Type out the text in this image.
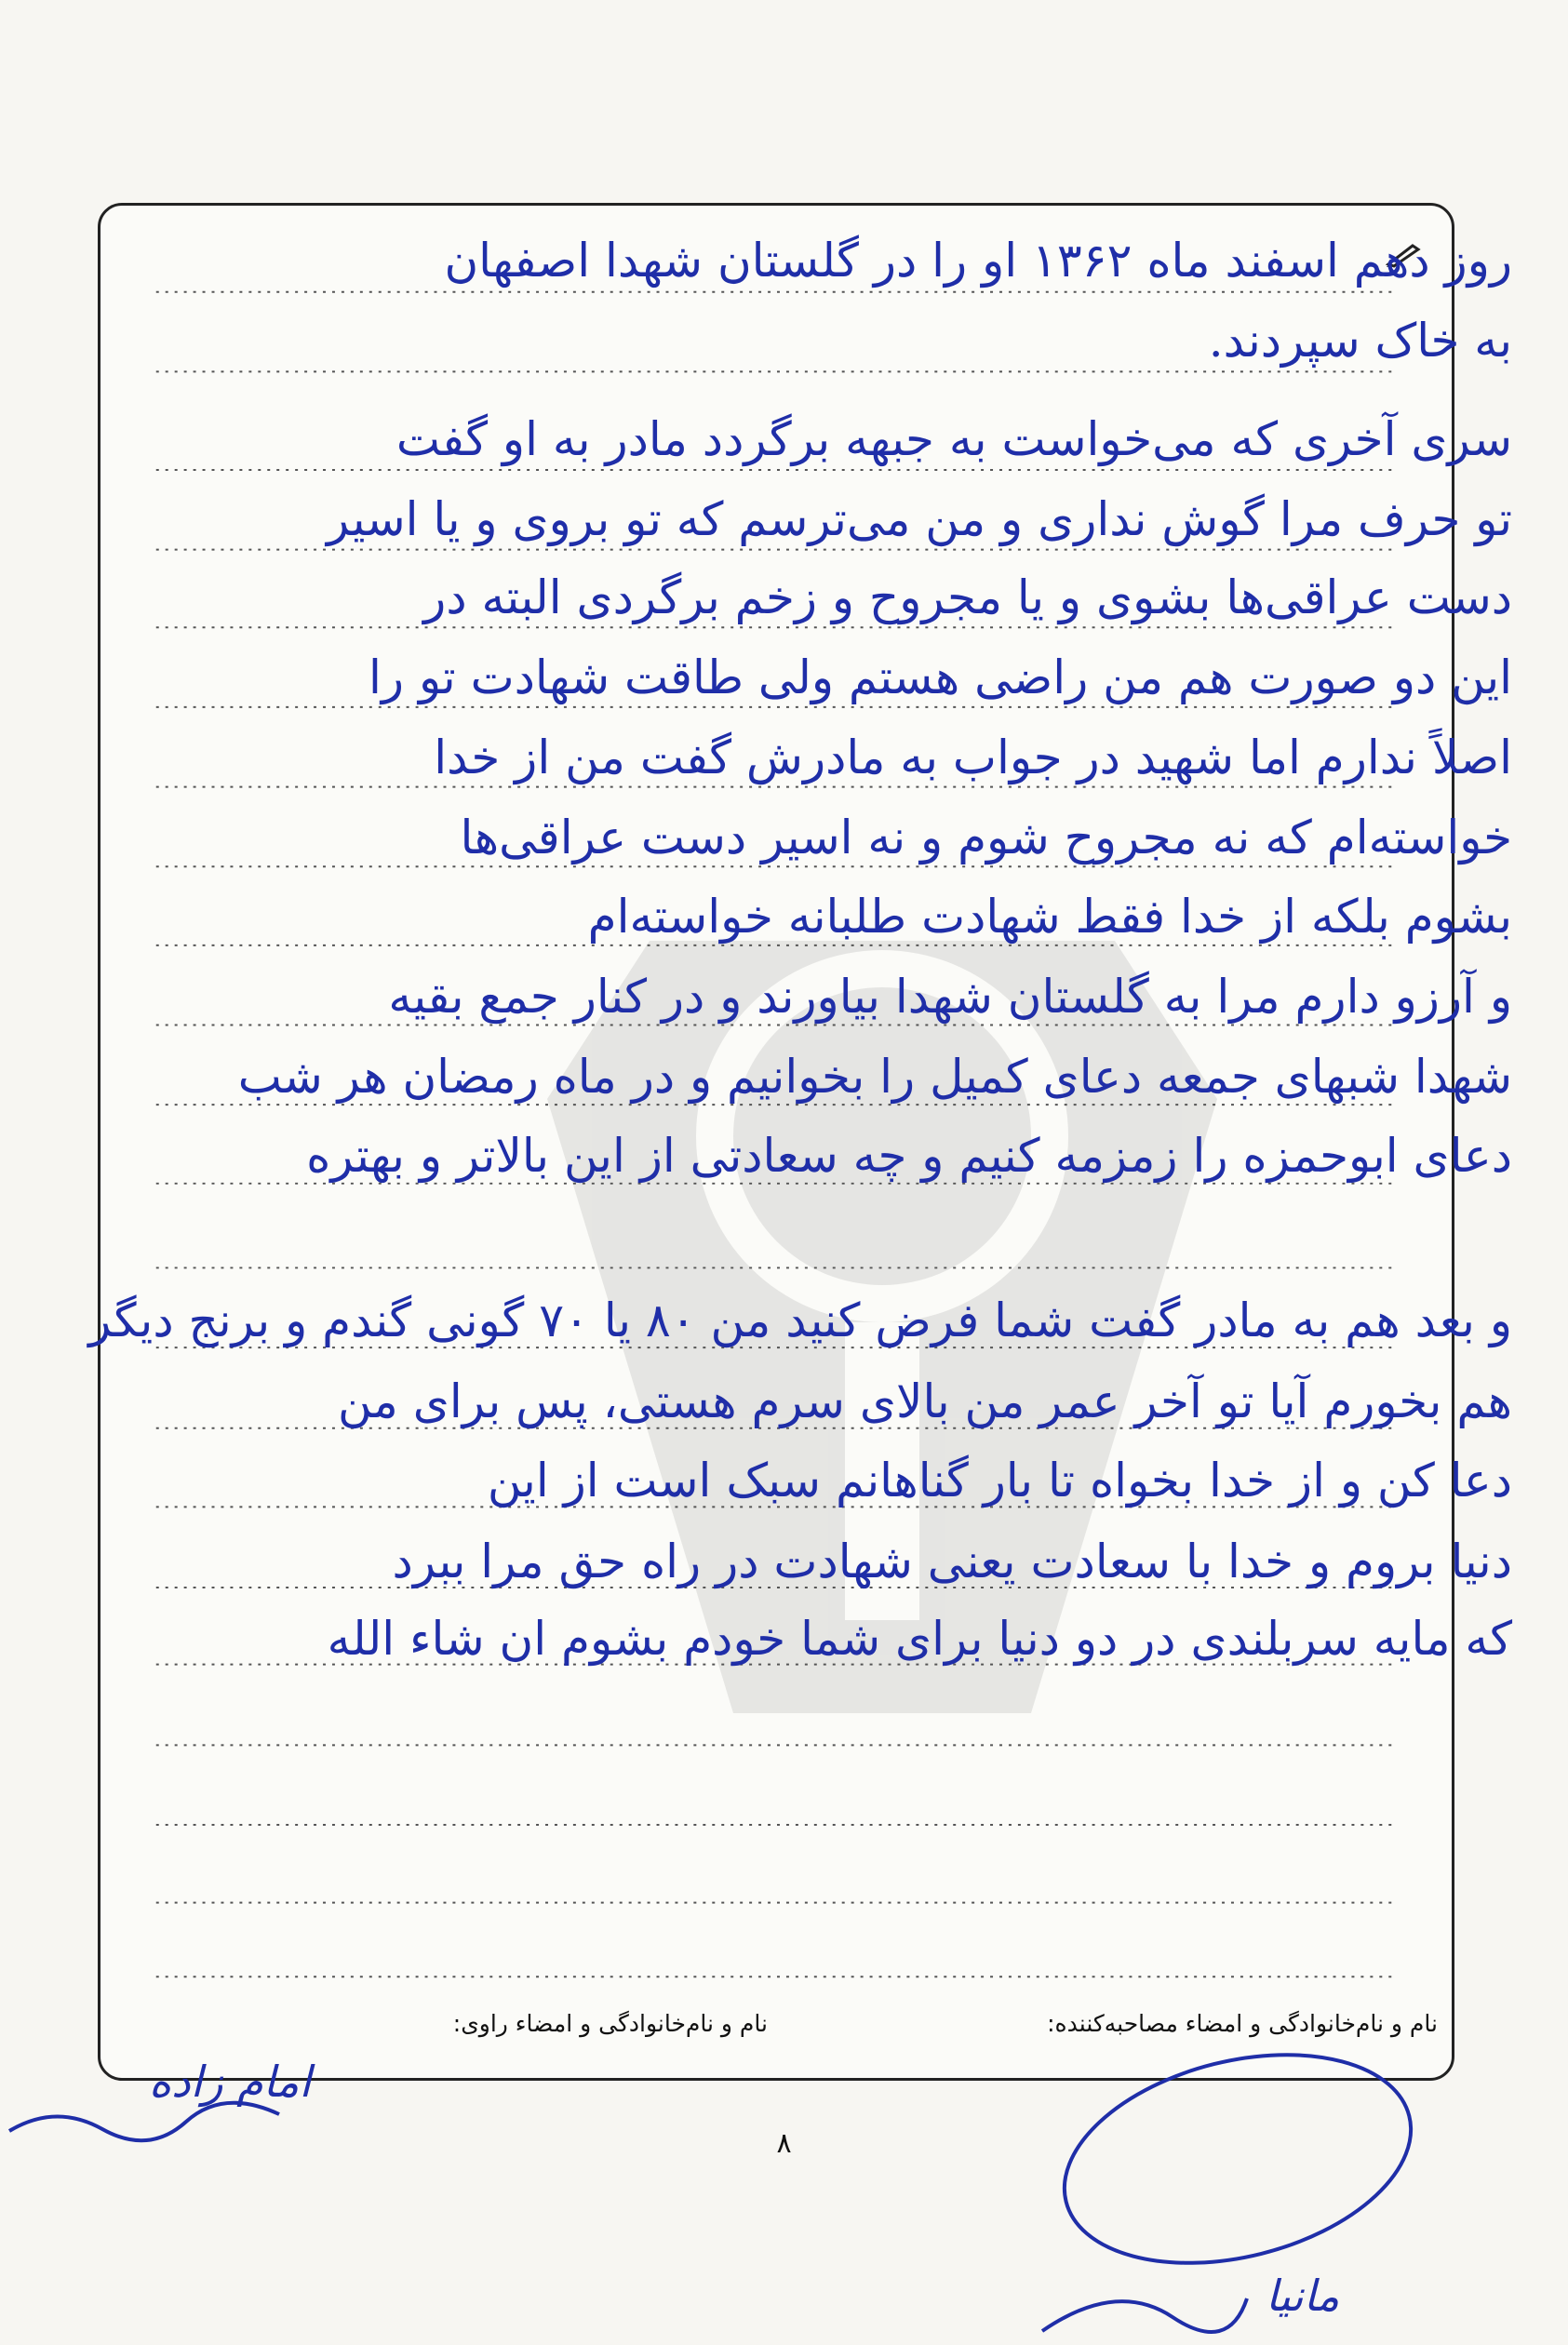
روز دهم اسفند ماه ۱۳۶۲ او را در گلستان شهدا اصفهان
به خاک سپردند.
سری آخری که می‌خواست به جبهه برگردد مادر به او گفت
تو حرف مرا گوش نداری و من می‌ترسم که تو بروی و یا اسیر
دست عراقی‌ها بشوی و یا مجروح و زخم برگردی البته در
این دو صورت هم من راضی هستم ولی طاقت شهادت تو را
اصلاً ندارم اما شهید در جواب به مادرش گفت من از خدا
خواسته‌ام که نه مجروح شوم و نه اسیر دست عراقی‌ها
بشوم بلکه از خدا فقط شهادت طلبانه خواسته‌ام
و آرزو دارم مرا به گلستان شهدا بیاورند و در کنار جمع بقیه
شهدا شبهای جمعه دعای کمیل را بخوانیم و در ماه رمضان هر شب
دعای ابوحمزه را زمزمه کنیم و چه سعادتی از این بالاتر و بهتره
و بعد هم به مادر گفت شما فرض کنید من ۸۰ یا ۷۰ گونی گندم و برنج دیگر
هم بخورم آیا تو آخر عمر من بالای سرم هستی، پس برای من
دعا کن و از خدا بخواه تا بار گناهانم سبک است از این
دنیا بروم و خدا با سعادت یعنی شهادت در راه حق مرا ببرد
که مایه سربلندی در دو دنیا برای شما خودم بشوم ان شاء الله
نام و نام‌خانوادگی و امضاء مصاحبه‌کننده:
نام و نام‌خانوادگی و امضاء راوی:
امام زاده
مانیا
٨
